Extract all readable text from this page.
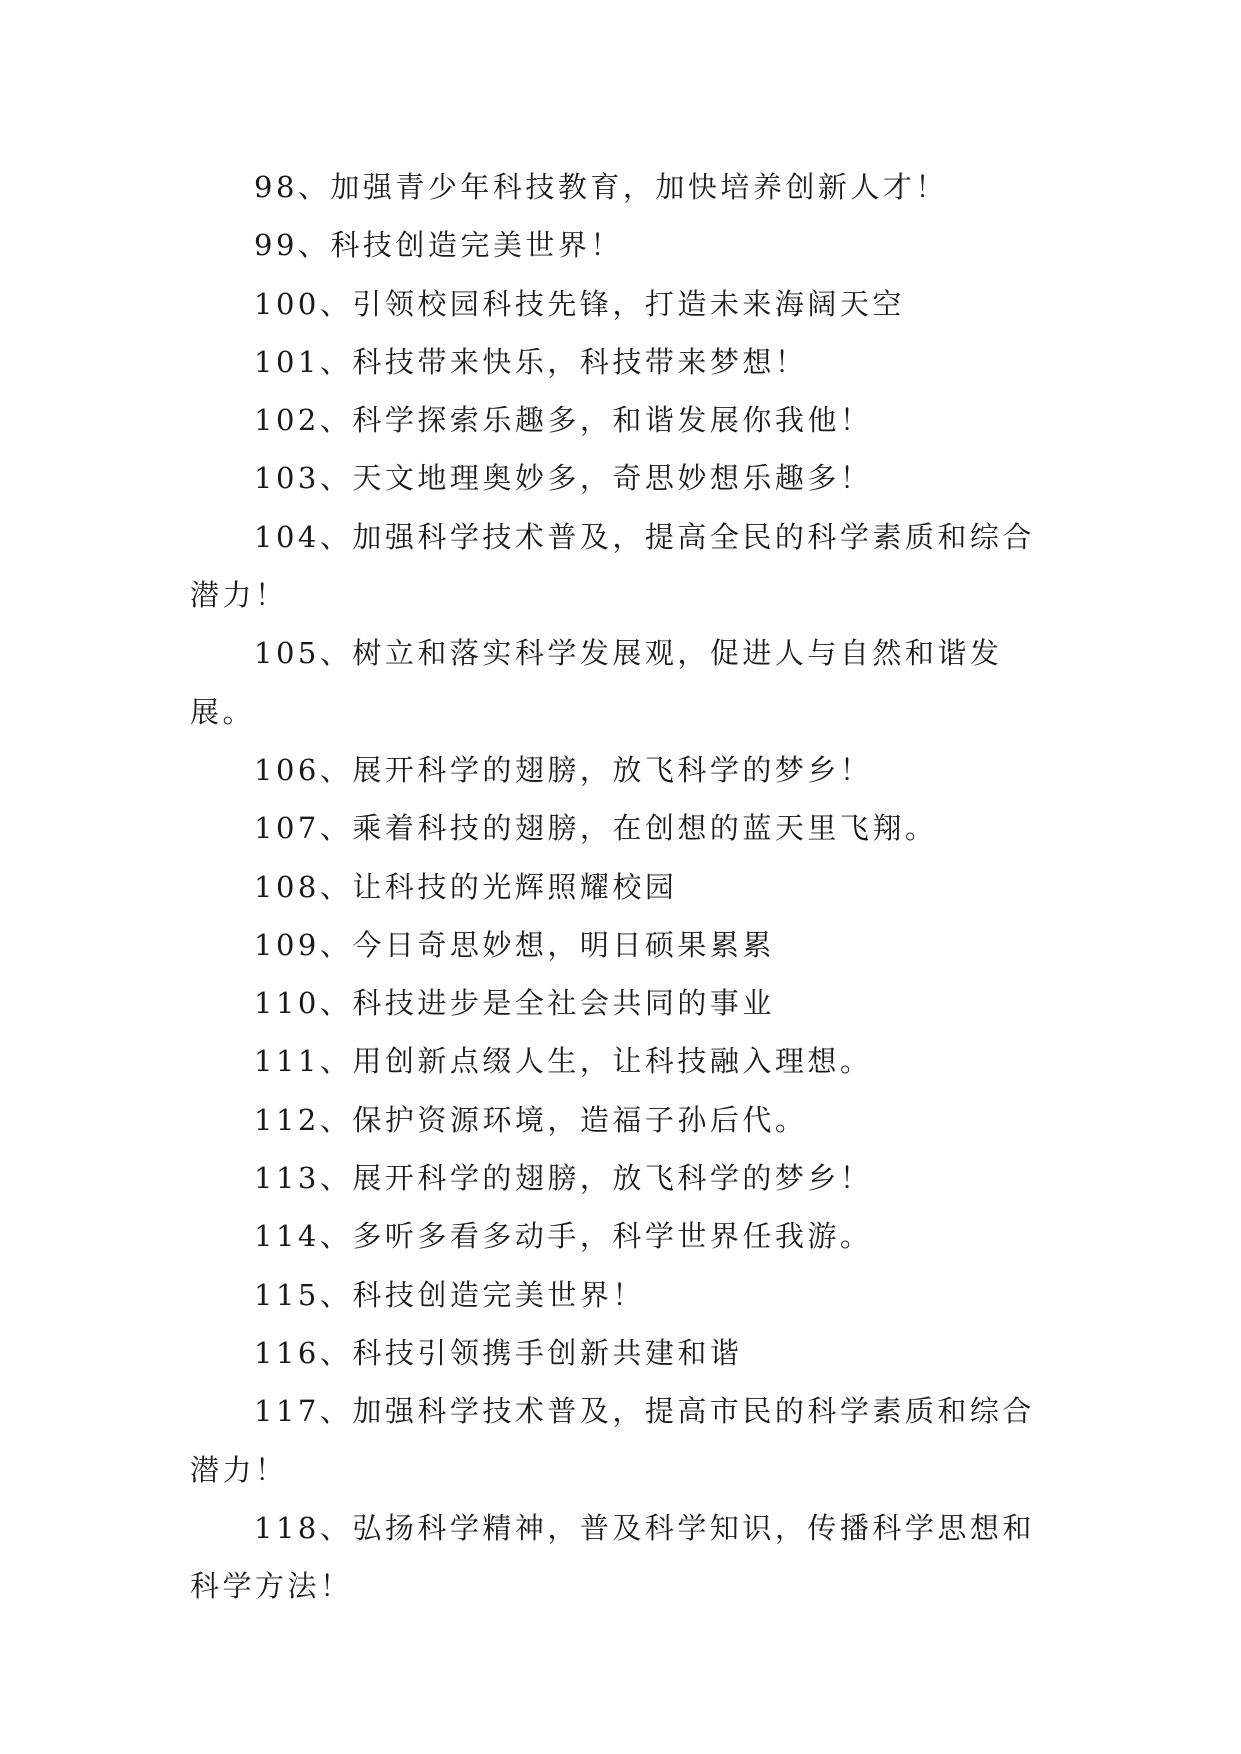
98、加强青少年科技教育，加快培养创新人才！

99、科技创造完美世界！

100、引领校园科技先锋，打造未来海阔天空

101、科技带来快乐，科技带来梦想！

102、科学探索乐趣多，和谐发展你我他！

103、天文地理奥妙多，奇思妙想乐趣多！

104、加强科学技术普及，提高全民的科学素质和综合潜力！

105、树立和落实科学发展观，促进人与自然和谐发展。

106、展开科学的翅膀，放飞科学的梦乡！

107、乘着科技的翅膀，在创想的蓝天里飞翔。

108、让科技的光辉照耀校园

109、今日奇思妙想，明日硕果累累

110、科技进步是全社会共同的事业

111、用创新点缀人生，让科技融入理想。

112、保护资源环境，造福子孙后代。

113、展开科学的翅膀，放飞科学的梦乡！

114、多听多看多动手，科学世界任我游。

115、科技创造完美世界！

116、科技引领携手创新共建和谐

117、加强科学技术普及，提高市民的科学素质和综合潜力！

118、弘扬科学精神，普及科学知识，传播科学思想和科学方法！
